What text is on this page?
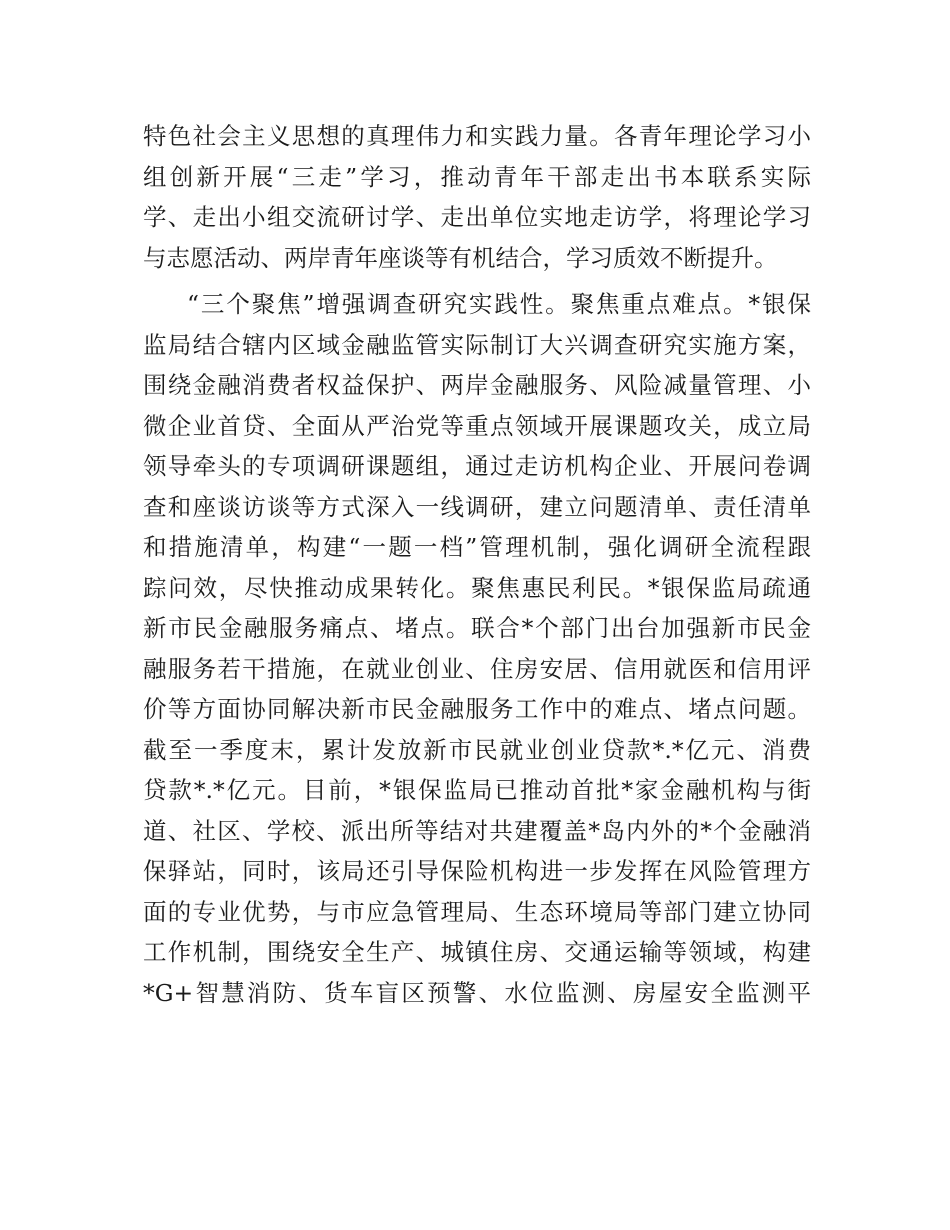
特色社会主义思想的真理伟力和实践力量。各青年理论学习小
组创新开展“三走”学习，推动青年干部走出书本联系实际
学、走出小组交流研讨学、走出单位实地走访学，将理论学习
与志愿活动、两岸青年座谈等有机结合，学习质效不断提升。
“三个聚焦”增强调查研究实践性。聚焦重点难点。*银保
监局结合辖内区域金融监管实际制订大兴调查研究实施方案，
围绕金融消费者权益保护、两岸金融服务、风险减量管理、小
微企业首贷、全面从严治党等重点领域开展课题攻关，成立局
领导牵头的专项调研课题组，通过走访机构企业、开展问卷调
查和座谈访谈等方式深入一线调研，建立问题清单、责任清单
和措施清单，构建“一题一档”管理机制，强化调研全流程跟
踪问效，尽快推动成果转化。聚焦惠民利民。*银保监局疏通
新市民金融服务痛点、堵点。联合*个部门出台加强新市民金
融服务若干措施，在就业创业、住房安居、信用就医和信用评
价等方面协同解决新市民金融服务工作中的难点、堵点问题。
截至一季度末，累计发放新市民就业创业贷款*.*亿元、消费
贷款*.*亿元。目前，*银保监局已推动首批*家金融机构与街
道、社区、学校、派出所等结对共建覆盖*岛内外的*个金融消
保驿站，同时，该局还引导保险机构进一步发挥在风险管理方
面的专业优势，与市应急管理局、生态环境局等部门建立协同
工作机制，围绕安全生产、城镇住房、交通运输等领域，构建
*G+智慧消防、货车盲区预警、水位监测、房屋安全监测平
